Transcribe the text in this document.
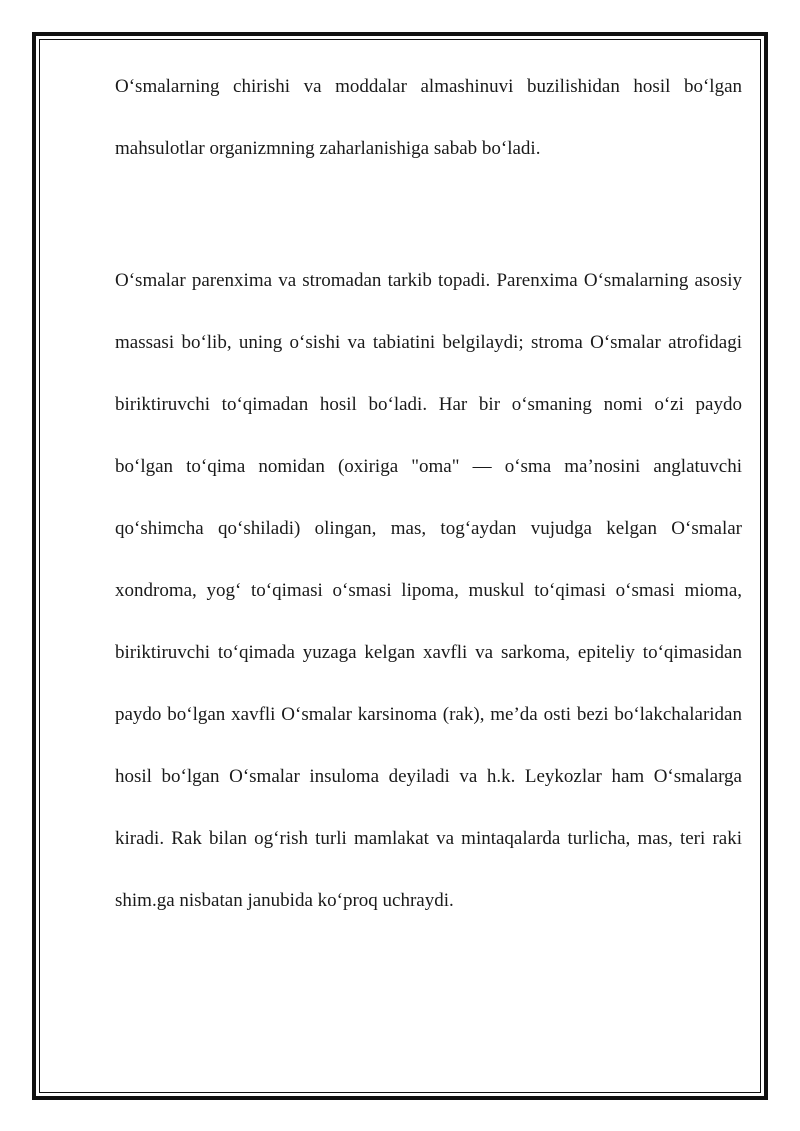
O‘smalarning chirishi va moddalar almashinuvi buzilishidan hosil bo‘lgan mahsulotlar organizmning zaharlanishiga sabab bo‘ladi.

O‘smalar parenxima va stromadan tarkib topadi. Parenxima O‘smalarning asosiy massasi bo‘lib, uning o‘sishi va tabiatini belgilaydi; stroma O‘smalar atrofidagi biriktiruvchi to‘qimadan hosil bo‘ladi. Har bir o‘smaning nomi o‘zi paydo bo‘lgan to‘qima nomidan (oxiriga "oma" — o‘sma ma’nosini anglatuvchi qo‘shimcha qo‘shiladi) olingan, mas, tog‘aydan vujudga kelgan O‘smalar xondroma, yog‘ to‘qimasi o‘smasi lipoma, muskul to‘qimasi o‘smasi mioma, biriktiruvchi to‘qimada yuzaga kelgan xavfli va sarkoma, epiteliy to‘qimasidan paydo bo‘lgan xavfli O‘smalar karsinoma (rak), me’da osti bezi bo‘lakchalaridan hosil bo‘lgan O‘smalar insuloma deyiladi va h.k. Leykozlar ham O‘smalarga kiradi. Rak bilan og‘rish turli mamlakat va mintaqalarda turlicha, mas, teri raki shim.ga nisbatan janubida ko‘proq uchraydi.
